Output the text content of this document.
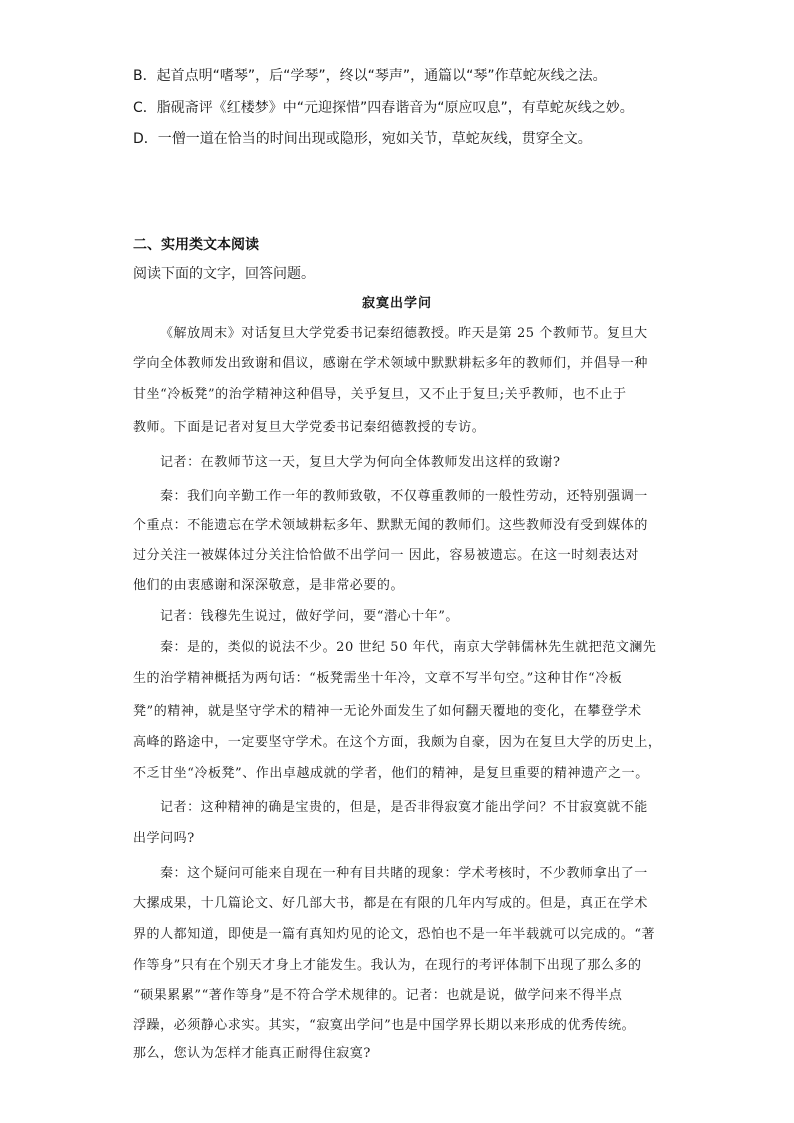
B．起首点明“嗜琴”，后“学琴”，终以“琴声”，通篇以“琴”作草蛇灰线之法。
C．脂砚斋评《红楼梦》中“元迎探惜”四春谐音为“原应叹息”，有草蛇灰线之妙。
D．一僧一道在恰当的时间出现或隐形，宛如关节，草蛇灰线，贯穿全文。
二、实用类文本阅读
阅读下面的文字，回答问题。
寂寞出学问
《解放周末》对话复旦大学党委书记秦绍德教授。昨天是第 25 个教师节。复旦大
学向全体教师发出致谢和倡议，感谢在学术领域中默默耕耘多年的教师们，并倡导一种
甘坐“冷板凳”的治学精神这种倡导，关乎复旦，又不止于复旦;关乎教师，也不止于
教师。下面是记者对复旦大学党委书记秦绍德教授的专访。
记者：在教师节这一天，复旦大学为何向全体教师发出这样的致谢?
秦：我们向辛勤工作一年的教师致敬，不仅尊重教师的一般性劳动，还特别强调一
个重点：不能遗忘在学术领域耕耘多年、默默无闻的教师们。这些教师没有受到媒体的
过分关注一被媒体过分关注恰恰做不出学问一 因此，容易被遗忘。在这一时刻表达对
他们的由衷感谢和深深敬意，是非常必要的。
记者：钱穆先生说过，做好学问，要“潜心十年”。
秦：是的，类似的说法不少。20 世纪 50 年代，南京大学韩儒林先生就把范文澜先
生的治学精神概括为两句话：“板凳需坐十年冷，文章不写半句空。”这种甘作“冷板
凳”的精神，就是坚守学术的精神一无论外面发生了如何翻天覆地的变化，在攀登学术
高峰的路途中，一定要坚守学术。在这个方面，我颇为自豪，因为在复旦大学的历史上，
不乏甘坐“冷板凳”、作出卓越成就的学者，他们的精神，是复旦重要的精神遗产之一。
记者：这种精神的确是宝贵的，但是，是否非得寂寞才能出学问？不甘寂寞就不能
出学问吗?
秦：这个疑问可能来自现在一种有目共睹的现象：学术考核时，不少教师拿出了一
大摞成果，十几篇论文、好几部大书，都是在有限的几年内写成的。但是，真正在学术
界的人都知道，即使是一篇有真知灼见的论文，恐怕也不是一年半载就可以完成的。“著
作等身”只有在个别天才身上才能发生。我认为，在现行的考评体制下出现了那么多的
“硕果累累”“著作等身”是不符合学术规律的。记者：也就是说，做学问来不得半点
浮躁，必须静心求实。其实，“寂寞出学问”也是中国学界长期以来形成的优秀传统。
那么，您认为怎样才能真正耐得住寂寞?
